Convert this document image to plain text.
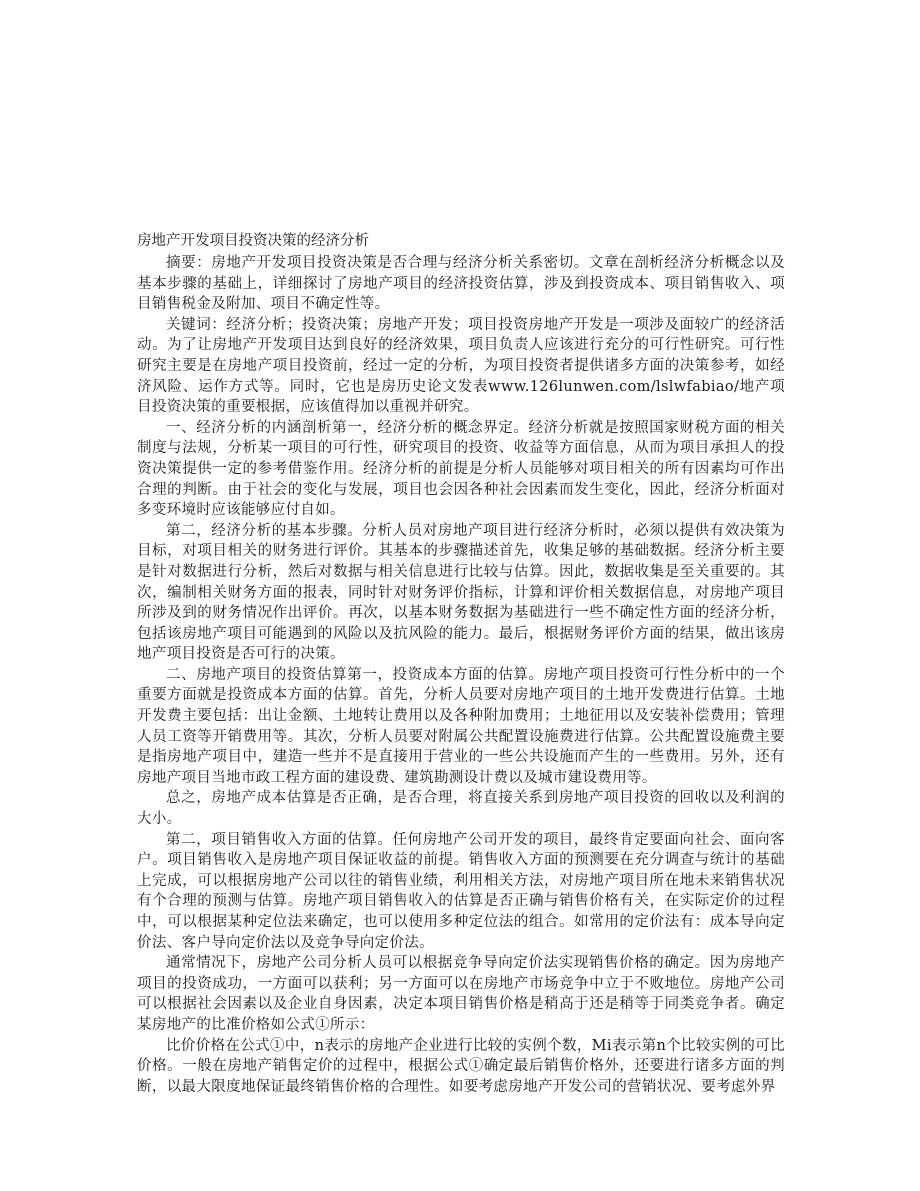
房地产开发项目投资决策的经济分析

摘要：房地产开发项目投资决策是否合理与经济分析关系密切。文章在剖析经济分析概念以及基本步骤的基础上，详细探讨了房地产项目的经济投资估算，涉及到投资成本、项目销售收入、项目销售税金及附加、项目不确定性等。

关键词：经济分析；投资决策；房地产开发；项目投资房地产开发是一项涉及面较广的经济活动。为了让房地产开发项目达到良好的经济效果，项目负责人应该进行充分的可行性研究。可行性研究主要是在房地产项目投资前，经过一定的分析，为项目投资者提供诸多方面的决策参考，如经济风险、运作方式等。同时，它也是房历史论文发表www.126lunwen.com/lslwfabiao/地产项目投资决策的重要根据，应该值得加以重视并研究。

一、经济分析的内涵剖析第一，经济分析的概念界定。经济分析就是按照国家财税方面的相关制度与法规，分析某一项目的可行性，研究项目的投资、收益等方面信息，从而为项目承担人的投资决策提供一定的参考借鉴作用。经济分析的前提是分析人员能够对项目相关的所有因素均可作出合理的判断。由于社会的变化与发展，项目也会因各种社会因素而发生变化，因此，经济分析面对多变环境时应该能够应付自如。

第二，经济分析的基本步骤。分析人员对房地产项目进行经济分析时，必须以提供有效决策为目标，对项目相关的财务进行评价。其基本的步骤描述首先，收集足够的基础数据。经济分析主要是针对数据进行分析，然后对数据与相关信息进行比较与估算。因此，数据收集是至关重要的。其次，编制相关财务方面的报表，同时针对财务评价指标，计算和评价相关数据信息，对房地产项目所涉及到的财务情况作出评价。再次，以基本财务数据为基础进行一些不确定性方面的经济分析，包括该房地产项目可能遇到的风险以及抗风险的能力。最后，根据财务评价方面的结果，做出该房地产项目投资是否可行的决策。

二、房地产项目的投资估算第一，投资成本方面的估算。房地产项目投资可行性分析中的一个重要方面就是投资成本方面的估算。首先，分析人员要对房地产项目的土地开发费进行估算。土地开发费主要包括：出让金额、土地转让费用以及各种附加费用；土地征用以及安装补偿费用；管理人员工资等开销费用等。其次，分析人员要对附属公共配置设施费进行估算。公共配置设施费主要是指房地产项目中，建造一些并不是直接用于营业的一些公共设施而产生的一些费用。另外，还有房地产项目当地市政工程方面的建设费、建筑勘测设计费以及城市建设费用等。

总之，房地产成本估算是否正确，是否合理，将直接关系到房地产项目投资的回收以及利润的大小。

第二，项目销售收入方面的估算。任何房地产公司开发的项目，最终肯定要面向社会、面向客户。项目销售收入是房地产项目保证收益的前提。销售收入方面的预测要在充分调查与统计的基础上完成，可以根据房地产公司以往的销售业绩，利用相关方法，对房地产项目所在地未来销售状况有个合理的预测与估算。房地产项目销售收入的估算是否正确与销售价格有关，在实际定价的过程中，可以根据某种定位法来确定，也可以使用多种定位法的组合。如常用的定价法有：成本导向定价法、客户导向定价法以及竞争导向定价法。

通常情况下，房地产公司分析人员可以根据竞争导向定价法实现销售价格的确定。因为房地产项目的投资成功，一方面可以获利；另一方面可以在房地产市场竞争中立于不败地位。房地产公司可以根据社会因素以及企业自身因素，决定本项目销售价格是稍高于还是稍等于同类竞争者。确定某房地产的比准价格如公式①所示：

比价价格在公式①中，n表示的房地产企业进行比较的实例个数，Mi表示第n个比较实例的可比价格。一般在房地产销售定价的过程中，根据公式①确定最后销售价格外，还要进行诸多方面的判断，以最大限度地保证最终销售价格的合理性。如要考虑房地产开发公司的营销状况、要考虑外界
